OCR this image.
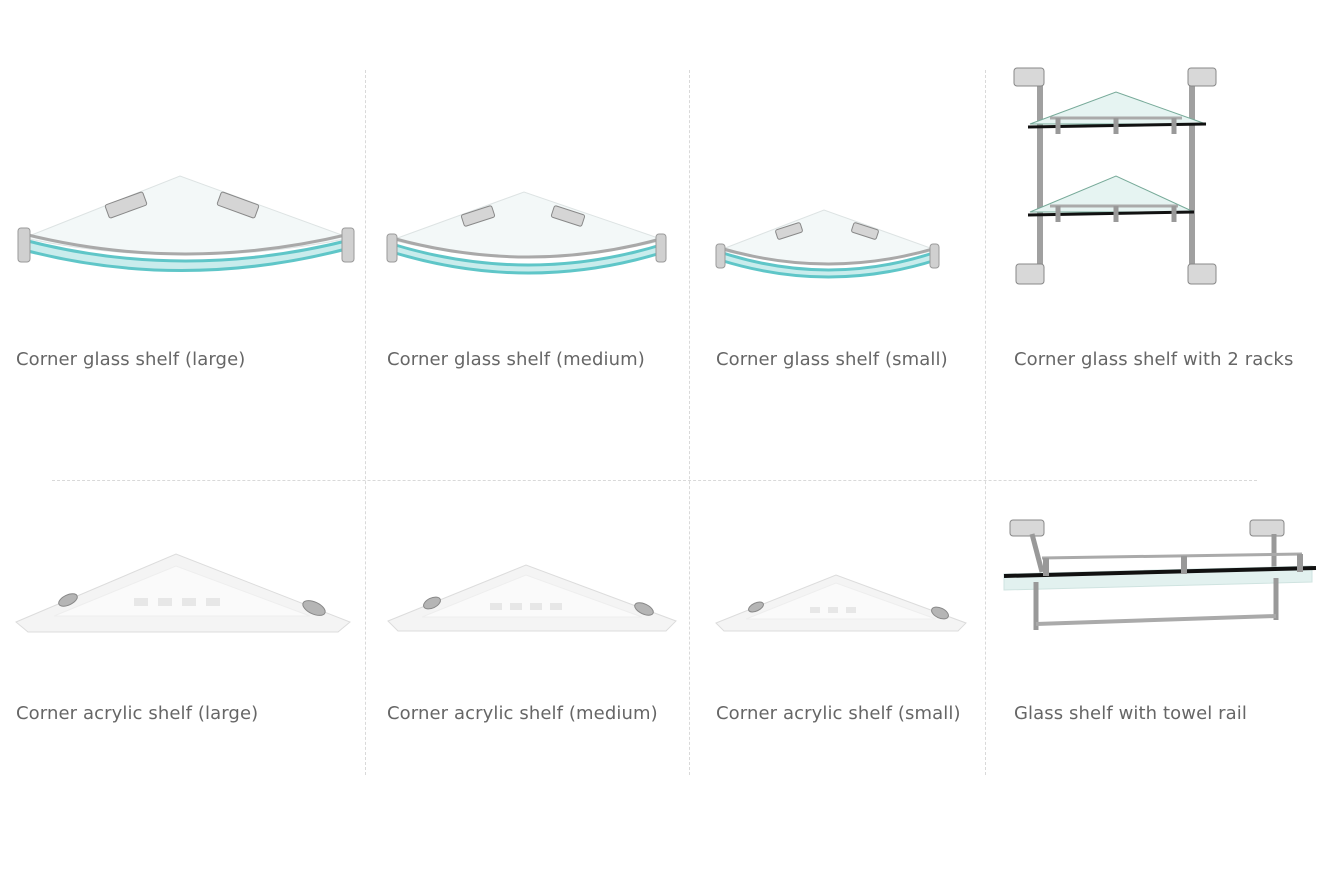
Corner glass shelf (large)	Corner glass shelf (medium)	Corner glass shelf (small)	Corner glass shelf with 2 racks
Corner acrylic shelf (large)	Corner acrylic shelf (medium)	Corner acrylic shelf (small)	Glass shelf with towel rail
